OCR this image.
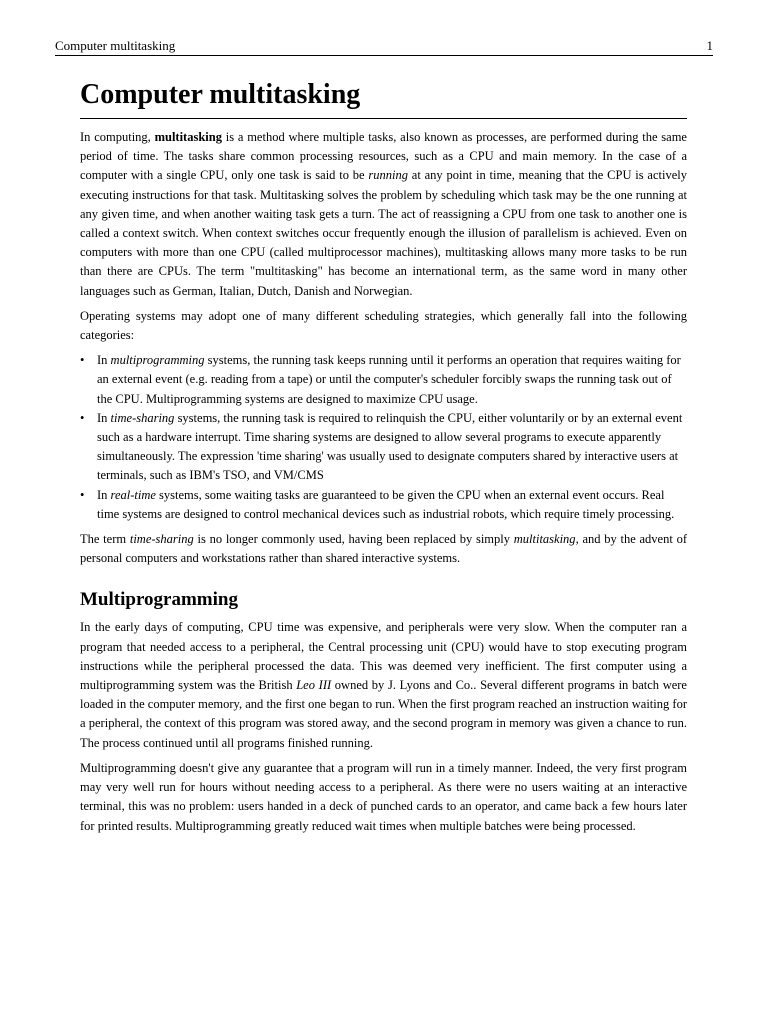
Computer multitasking	1
Computer multitasking

In computing, multitasking is a method where multiple tasks, also known as processes, are performed during the same period of time. The tasks share common processing resources, such as a CPU and main memory. In the case of a computer with a single CPU, only one task is said to be running at any point in time, meaning that the CPU is actively executing instructions for that task. Multitasking solves the problem by scheduling which task may be the one running at any given time, and when another waiting task gets a turn. The act of reassigning a CPU from one task to another one is called a context switch. When context switches occur frequently enough the illusion of parallelism is achieved. Even on computers with more than one CPU (called multiprocessor machines), multitasking allows many more tasks to be run than there are CPUs. The term "multitasking" has become an international term, as the same word in many other languages such as German, Italian, Dutch, Danish and Norwegian.

Operating systems may adopt one of many different scheduling strategies, which generally fall into the following categories:

• In multiprogramming systems, the running task keeps running until it performs an operation that requires waiting for an external event (e.g. reading from a tape) or until the computer's scheduler forcibly swaps the running task out of the CPU. Multiprogramming systems are designed to maximize CPU usage.
• In time-sharing systems, the running task is required to relinquish the CPU, either voluntarily or by an external event such as a hardware interrupt. Time sharing systems are designed to allow several programs to execute apparently simultaneously. The expression 'time sharing' was usually used to designate computers shared by interactive users at terminals, such as IBM's TSO, and VM/CMS
• In real-time systems, some waiting tasks are guaranteed to be given the CPU when an external event occurs. Real time systems are designed to control mechanical devices such as industrial robots, which require timely processing.

The term time-sharing is no longer commonly used, having been replaced by simply multitasking, and by the advent of personal computers and workstations rather than shared interactive systems.

Multiprogramming

In the early days of computing, CPU time was expensive, and peripherals were very slow. When the computer ran a program that needed access to a peripheral, the Central processing unit (CPU) would have to stop executing program instructions while the peripheral processed the data. This was deemed very inefficient. The first computer using a multiprogramming system was the British Leo III owned by J. Lyons and Co.. Several different programs in batch were loaded in the computer memory, and the first one began to run. When the first program reached an instruction waiting for a peripheral, the context of this program was stored away, and the second program in memory was given a chance to run. The process continued until all programs finished running.

Multiprogramming doesn't give any guarantee that a program will run in a timely manner. Indeed, the very first program may very well run for hours without needing access to a peripheral. As there were no users waiting at an interactive terminal, this was no problem: users handed in a deck of punched cards to an operator, and came back a few hours later for printed results. Multiprogramming greatly reduced wait times when multiple batches were being processed.
